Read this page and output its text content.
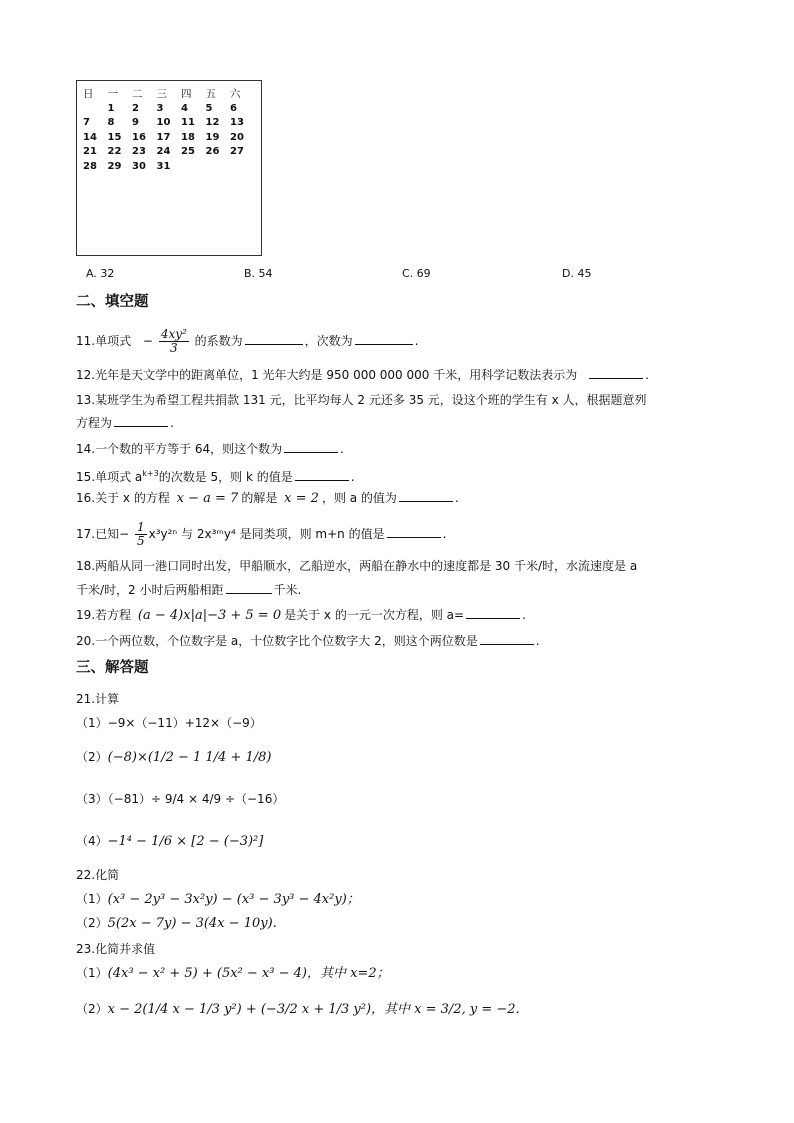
日	一	二	三	四	五	六
	1	2	3	4	5	6
7	8	9	10	11	12	13
14	15	16	17	18	19	20
21	22	23	24	25	26	27
28	29	30	31			
A. 32	B. 54	C. 69	D. 45
二、填空题
11.单项式 − $\frac{\text{4xy²}}{3}$ 的系数为	，次数为	.
12.光年是天文学中的距离单位，1 光年大约是 950 000 000 000 千米，用科学记数法表示为	.
13.某班学生为希望工程共捐款 131 元，比平均每人 2 元还多 35 元，设这个班的学生有 x 人，根据题意列
方程为	.
14.一个数的平方等于 64，则这个数为	.
15.单项式 $a^{k+3}$的次数是 5，则 k 的值是	.
16.关于 x 的方程 x − a = 7 的解是 x = 2 ，则 a 的值为	.
17.已知− $\frac{1}{5} x^3y^{2n}$ 与 2x³ᵐy⁴ 是同类项，则 m+n 的值是	.
18.两船从同一港口同时出发，甲船顺水，乙船逆水，两船在静水中的速度都是 30 千米/时，水流速度是 a
千米/时，2 小时后两船相距	千米.
19.若方程 (a − 4)x|a|−3 + 5 = 0 是关于 x 的一元一次方程，则 a=	.
20.一个两位数，个位数字是 a，十位数字比个位数字大 2，则这个两位数是	.
三、解答题
21.计算
（1）−9×（−11）+12×（−9）
（2）(−8)×(1/2 − 1 1/4 + 1/8)
（3）（−81）÷ 9/4 × 4/9 ÷（−16）
（4）−1⁴ − 1/6 × [2 − (−3)²]
22.化简
（1）(x³ − 2y³ − 3x²y) − (x³ − 3y³ − 4x²y)；
（2）5(2x − 7y) − 3(4x − 10y).
23.化简并求值
（1）(4x³ − x² + 5) + (5x² − x³ − 4)，其中 x=2；
（2）x − 2(1/4 x − 1/3 y²) + (−3/2 x + 1/3 y²)，其中 x = 3/2, y = −2.
